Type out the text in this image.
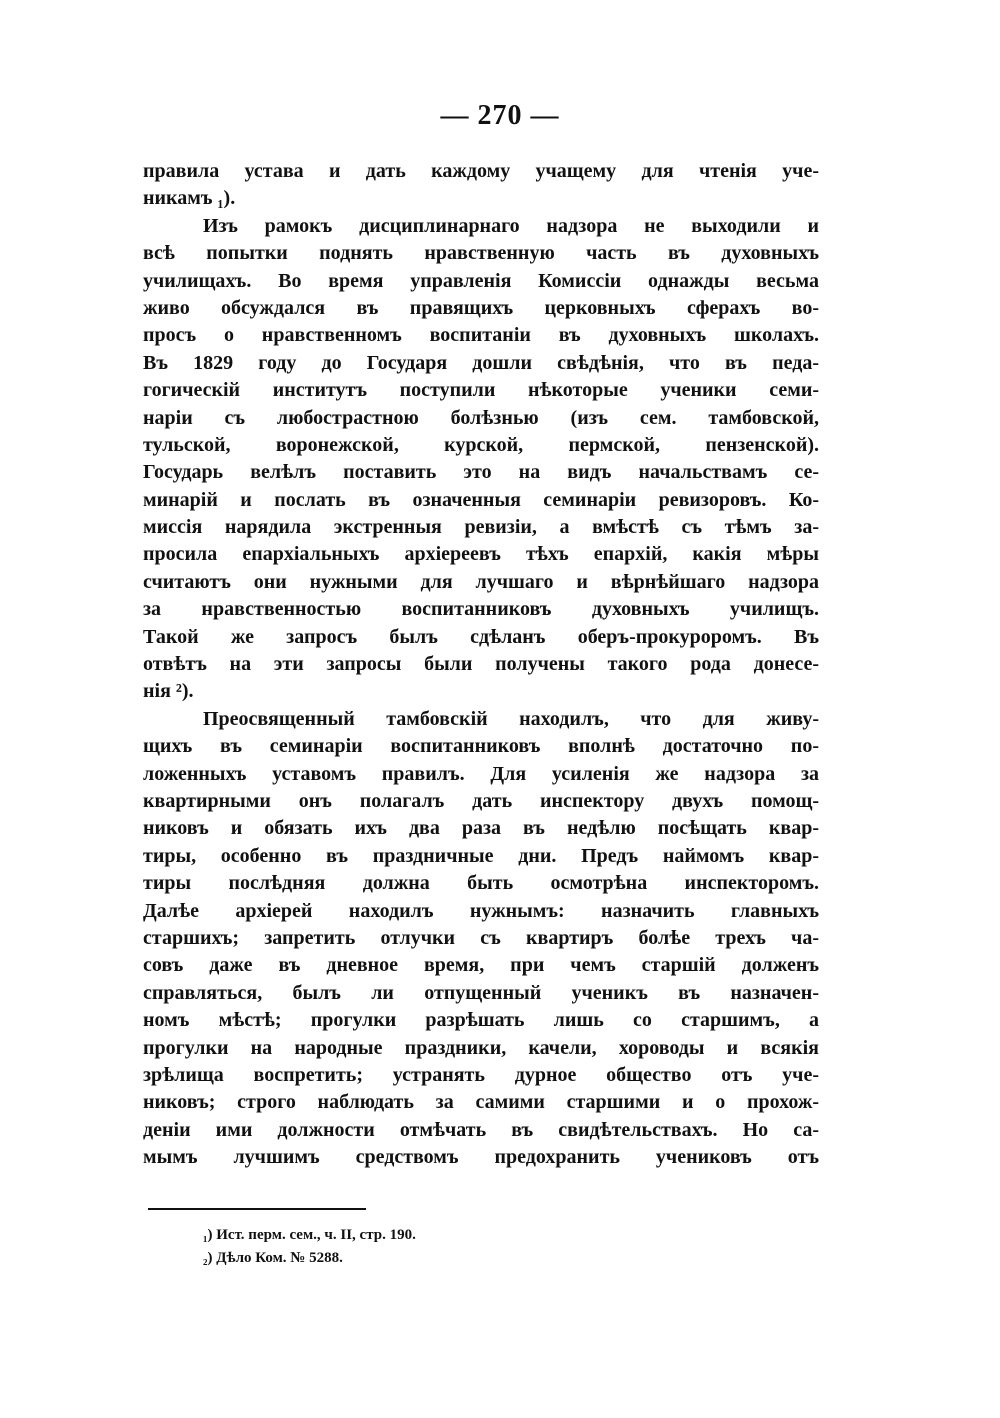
— 270 —
правила устава и дать каждому учащему для чтенія уче-
никамъ ₁).
Изъ рамокъ дисциплинарнаго надзора не выходили и
всѣ попытки поднять нравственную часть въ духовныхъ
училищахъ. Во время управленія Комиссіи однажды весьма
живо обсуждался въ правящихъ церковныхъ сферахъ во-
просъ о нравственномъ воспитаніи въ духовныхъ школахъ.
Въ 1829 году до Государя дошли свѣдѣнія, что въ педа-
гогическій институтъ поступили нѣкоторые ученики семи-
наріи съ любострастною болѣзнью (изъ сем. тамбовской,
тульской, воронежской, курской, пермской, пензенской).
Государь велѣлъ поставить это на видъ начальствамъ се-
минарій и послать въ означенныя семинаріи ревизоровъ. Ко-
миссія нарядила экстренныя ревизіи, а вмѣстѣ съ тѣмъ за-
просила епархіальныхъ архіереевъ тѣхъ епархій, какія мѣры
считаютъ они нужными для лучшаго и вѣрнѣйшаго надзора
за нравственностью воспитанниковъ духовныхъ училищъ.
Такой же запросъ былъ сдѣланъ оберъ-прокуроромъ. Въ
отвѣтъ на эти запросы были получены такого рода донесе-
нія ²).
Преосвященный тамбовскій находилъ, что для живу-
щихъ въ семинаріи воспитанниковъ вполнѣ достаточно по-
ложенныхъ уставомъ правилъ. Для усиленія же надзора за
квартирными онъ полагалъ дать инспектору двухъ помощ-
никовъ и обязать ихъ два раза въ недѣлю посѣщать квар-
тиры, особенно въ праздничные дни. Предъ наймомъ квар-
тиры послѣдняя должна быть осмотрѣна инспекторомъ.
Далѣе архіерей находилъ нужнымъ: назначить главныхъ
старшихъ; запретить отлучки съ квартиръ болѣе трехъ ча-
совъ даже въ дневное время, при чемъ старшій долженъ
справляться, былъ ли отпущенный ученикъ въ назначен-
номъ мѣстѣ; прогулки разрѣшать лишь со старшимъ, а
прогулки на народные праздники, качели, хороводы и всякія
зрѣлища воспретить; устранять дурное общество отъ уче-
никовъ; строго наблюдать за самими старшими и о прохож-
деніи ими должности отмѣчать въ свидѣтельствахъ. Но са-
мымъ лучшимъ средствомъ предохранить учениковъ отъ
₁) Ист. перм. сем., ч. II, стр. 190.
₂) Дѣло Ком. № 5288.
